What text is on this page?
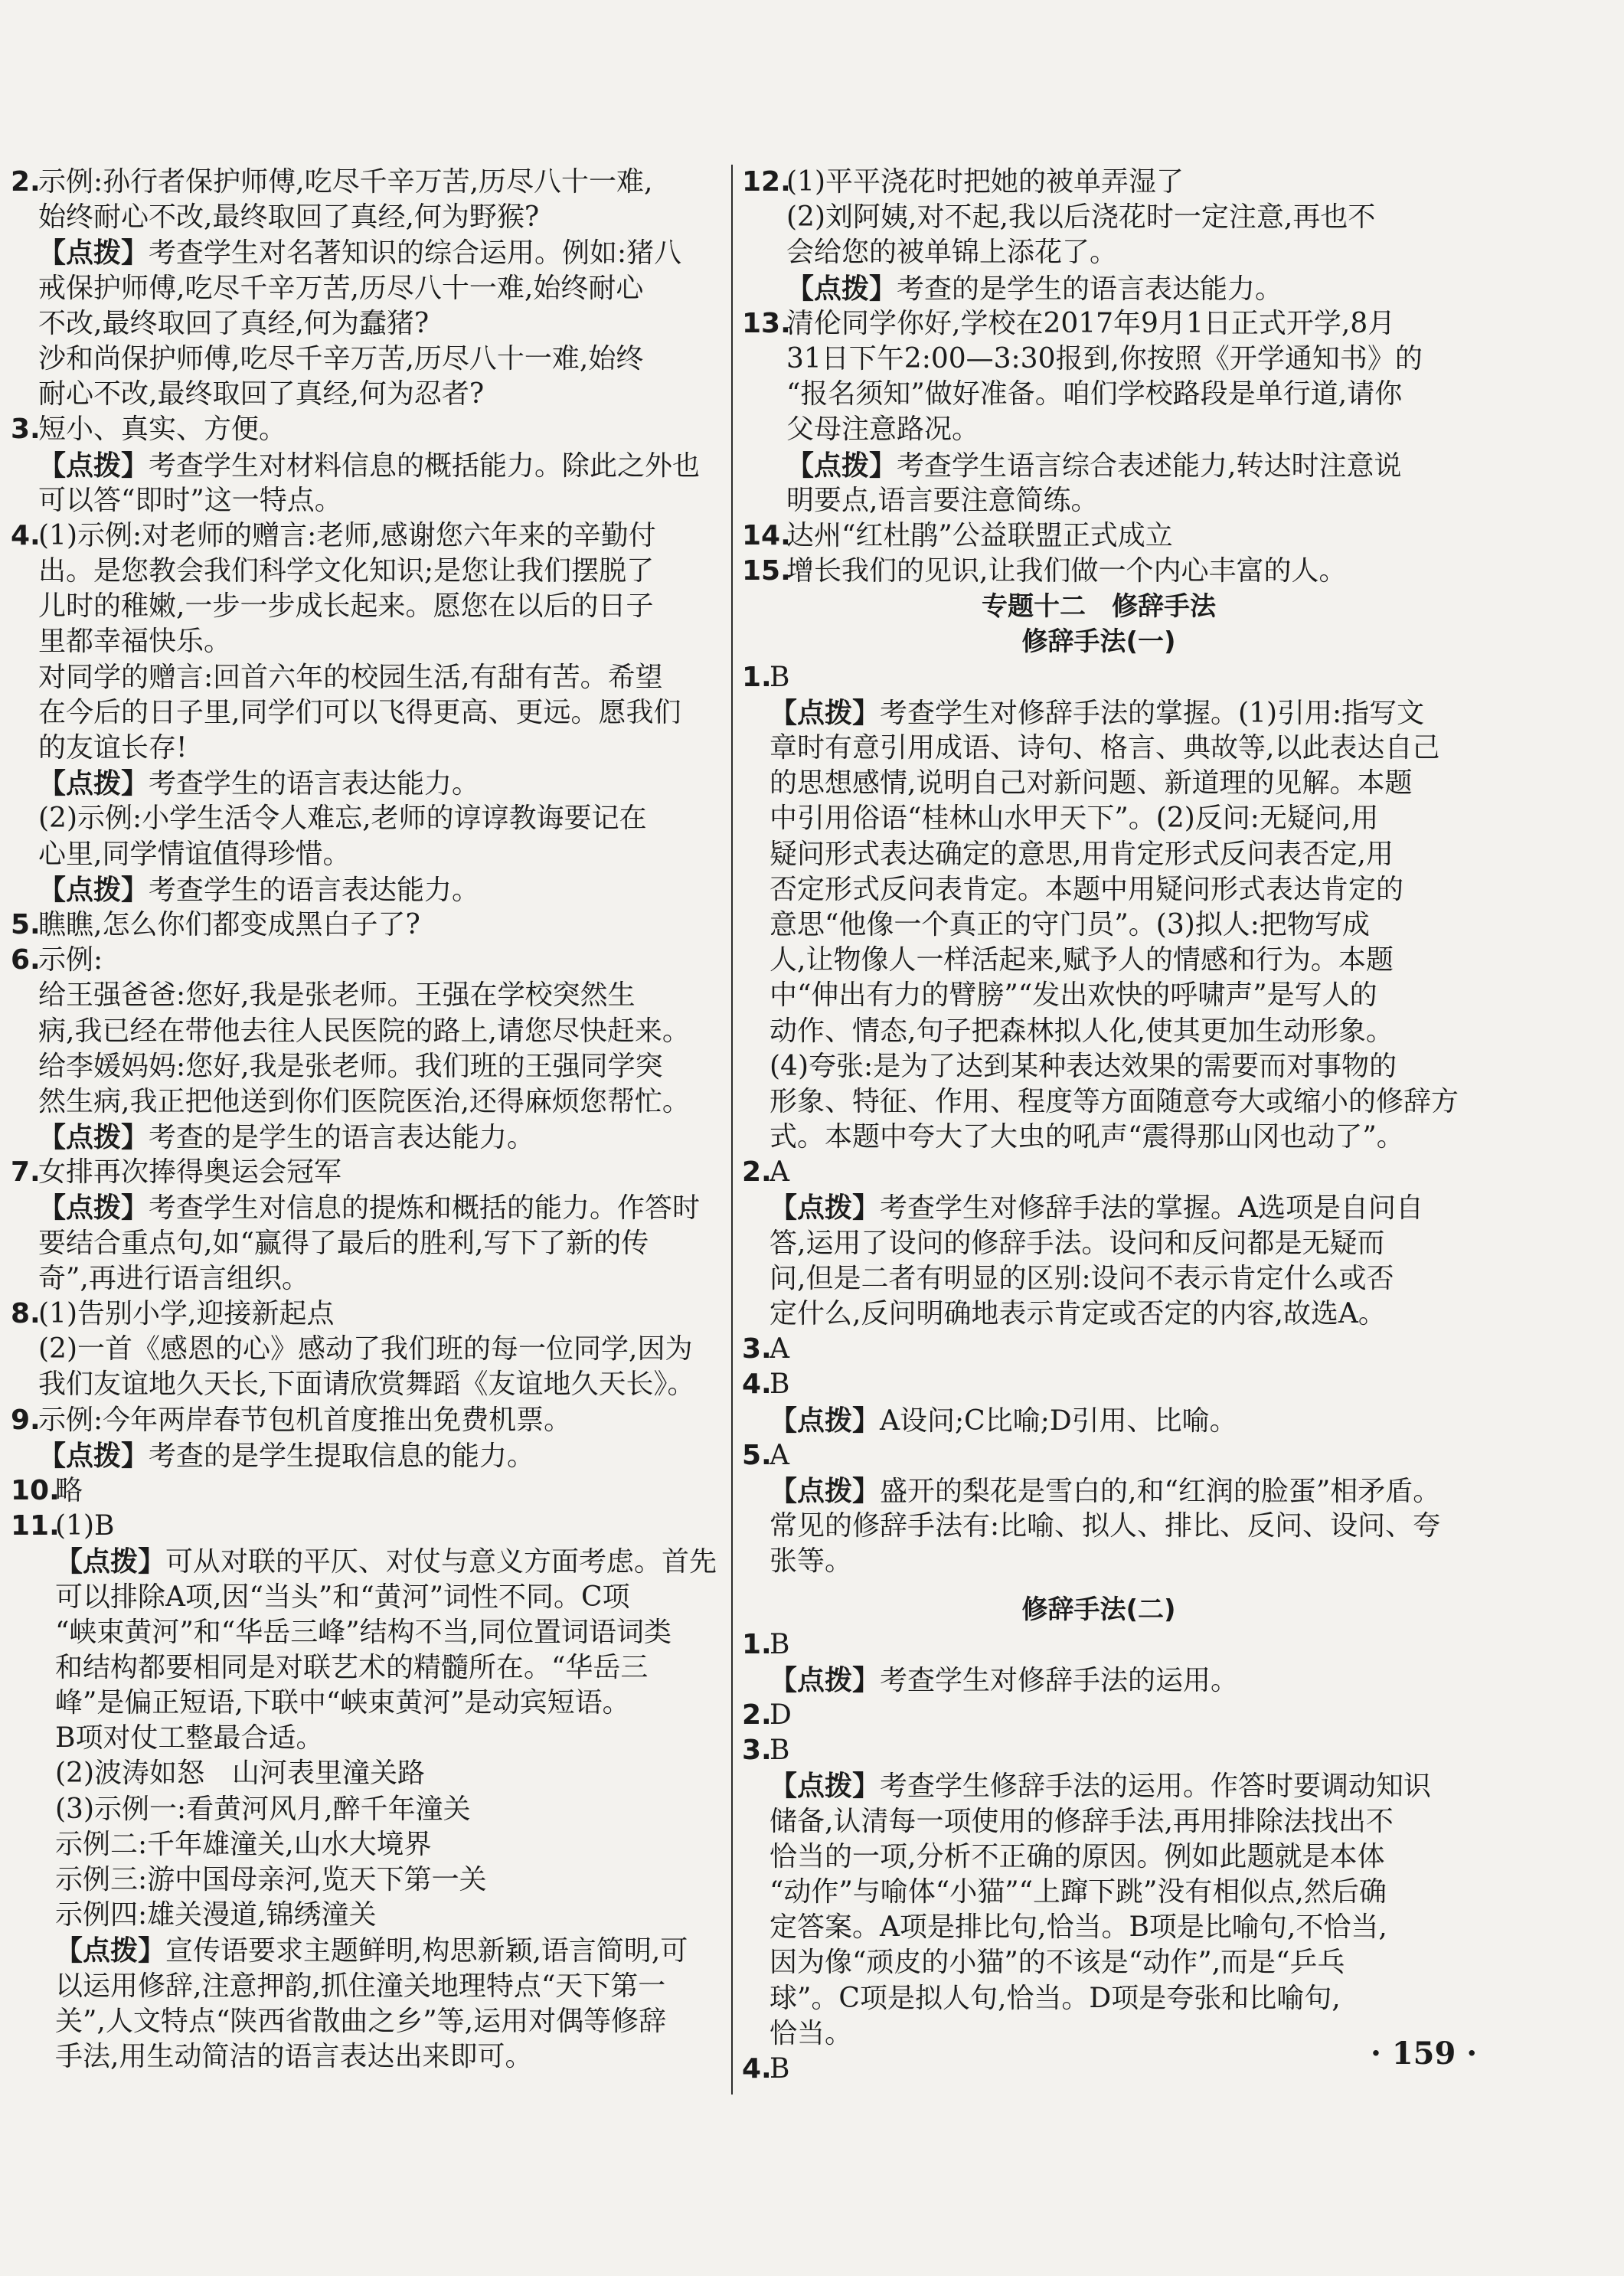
2.示例:孙行者保护师傅,吃尽千辛万苦,历尽八十一难,
始终耐心不改,最终取回了真经,何为野猴?
【点拨】考查学生对名著知识的综合运用。例如:猪八
戒保护师傅,吃尽千辛万苦,历尽八十一难,始终耐心
不改,最终取回了真经,何为蠢猪?
沙和尚保护师傅,吃尽千辛万苦,历尽八十一难,始终
耐心不改,最终取回了真经,何为忍者?
3.短小、真实、方便。
【点拨】考查学生对材料信息的概括能力。除此之外也
可以答“即时”这一特点。
4.(1)示例:对老师的赠言:老师,感谢您六年来的辛勤付
出。是您教会我们科学文化知识;是您让我们摆脱了
儿时的稚嫩,一步一步成长起来。愿您在以后的日子
里都幸福快乐。
对同学的赠言:回首六年的校园生活,有甜有苦。希望
在今后的日子里,同学们可以飞得更高、更远。愿我们
的友谊长存!
【点拨】考查学生的语言表达能力。
(2)示例:小学生活令人难忘,老师的谆谆教诲要记在
心里,同学情谊值得珍惜。
【点拨】考查学生的语言表达能力。
5.瞧瞧,怎么你们都变成黑白子了?
6.示例:
给王强爸爸:您好,我是张老师。王强在学校突然生
病,我已经在带他去往人民医院的路上,请您尽快赶来。
给李媛妈妈:您好,我是张老师。我们班的王强同学突
然生病,我正把他送到你们医院医治,还得麻烦您帮忙。
【点拨】考查的是学生的语言表达能力。
7.女排再次捧得奥运会冠军
【点拨】考查学生对信息的提炼和概括的能力。作答时
要结合重点句,如“赢得了最后的胜利,写下了新的传
奇”,再进行语言组织。
8.(1)告别小学,迎接新起点
(2)一首《感恩的心》感动了我们班的每一位同学,因为
我们友谊地久天长,下面请欣赏舞蹈《友谊地久天长》。
9.示例:今年两岸春节包机首度推出免费机票。
【点拨】考查的是学生提取信息的能力。
10.略
11.(1)B
【点拨】可从对联的平仄、对仗与意义方面考虑。首先
可以排除A项,因“当头”和“黄河”词性不同。C项
“峡束黄河”和“华岳三峰”结构不当,同位置词语词类
和结构都要相同是对联艺术的精髓所在。“华岳三
峰”是偏正短语,下联中“峡束黄河”是动宾短语。
B项对仗工整最合适。
(2)波涛如怒　山河表里潼关路
(3)示例一:看黄河风月,醉千年潼关
示例二:千年雄潼关,山水大境界
示例三:游中国母亲河,览天下第一关
示例四:雄关漫道,锦绣潼关
【点拨】宣传语要求主题鲜明,构思新颖,语言简明,可
以运用修辞,注意押韵,抓住潼关地理特点“天下第一
关”,人文特点“陕西省散曲之乡”等,运用对偶等修辞
手法,用生动简洁的语言表达出来即可。
12.(1)平平浇花时把她的被单弄湿了
(2)刘阿姨,对不起,我以后浇花时一定注意,再也不
会给您的被单锦上添花了。
【点拨】考查的是学生的语言表达能力。
13.清伦同学你好,学校在2017年9月1日正式开学,8月
31日下午2:00—3:30报到,你按照《开学通知书》的
“报名须知”做好准备。咱们学校路段是单行道,请你
父母注意路况。
【点拨】考查学生语言综合表述能力,转达时注意说
明要点,语言要注意简练。
14.达州“红杜鹃”公益联盟正式成立
15.增长我们的见识,让我们做一个内心丰富的人。
专题十二　修辞手法
修辞手法(一)
1.B
【点拨】考查学生对修辞手法的掌握。(1)引用:指写文
章时有意引用成语、诗句、格言、典故等,以此表达自己
的思想感情,说明自己对新问题、新道理的见解。本题
中引用俗语“桂林山水甲天下”。(2)反问:无疑问,用
疑问形式表达确定的意思,用肯定形式反问表否定,用
否定形式反问表肯定。本题中用疑问形式表达肯定的
意思“他像一个真正的守门员”。(3)拟人:把物写成
人,让物像人一样活起来,赋予人的情感和行为。本题
中“伸出有力的臂膀”“发出欢快的呼啸声”是写人的
动作、情态,句子把森林拟人化,使其更加生动形象。
(4)夸张:是为了达到某种表达效果的需要而对事物的
形象、特征、作用、程度等方面随意夸大或缩小的修辞方
式。本题中夸大了大虫的吼声“震得那山冈也动了”。
2.A
【点拨】考查学生对修辞手法的掌握。A选项是自问自
答,运用了设问的修辞手法。设问和反问都是无疑而
问,但是二者有明显的区别:设问不表示肯定什么或否
定什么,反问明确地表示肯定或否定的内容,故选A。
3.A
4.B
【点拨】A设问;C比喻;D引用、比喻。
5.A
【点拨】盛开的梨花是雪白的,和“红润的脸蛋”相矛盾。
常见的修辞手法有:比喻、拟人、排比、反问、设问、夸
张等。
修辞手法(二)
1.B
【点拨】考查学生对修辞手法的运用。
2.D
3.B
【点拨】考查学生修辞手法的运用。作答时要调动知识
储备,认清每一项使用的修辞手法,再用排除法找出不
恰当的一项,分析不正确的原因。例如此题就是本体
“动作”与喻体“小猫”“上蹿下跳”没有相似点,然后确
定答案。A项是排比句,恰当。B项是比喻句,不恰当,
因为像“顽皮的小猫”的不该是“动作”,而是“乒乓
球”。C项是拟人句,恰当。D项是夸张和比喻句,
恰当。
4.B	· 159 ·
